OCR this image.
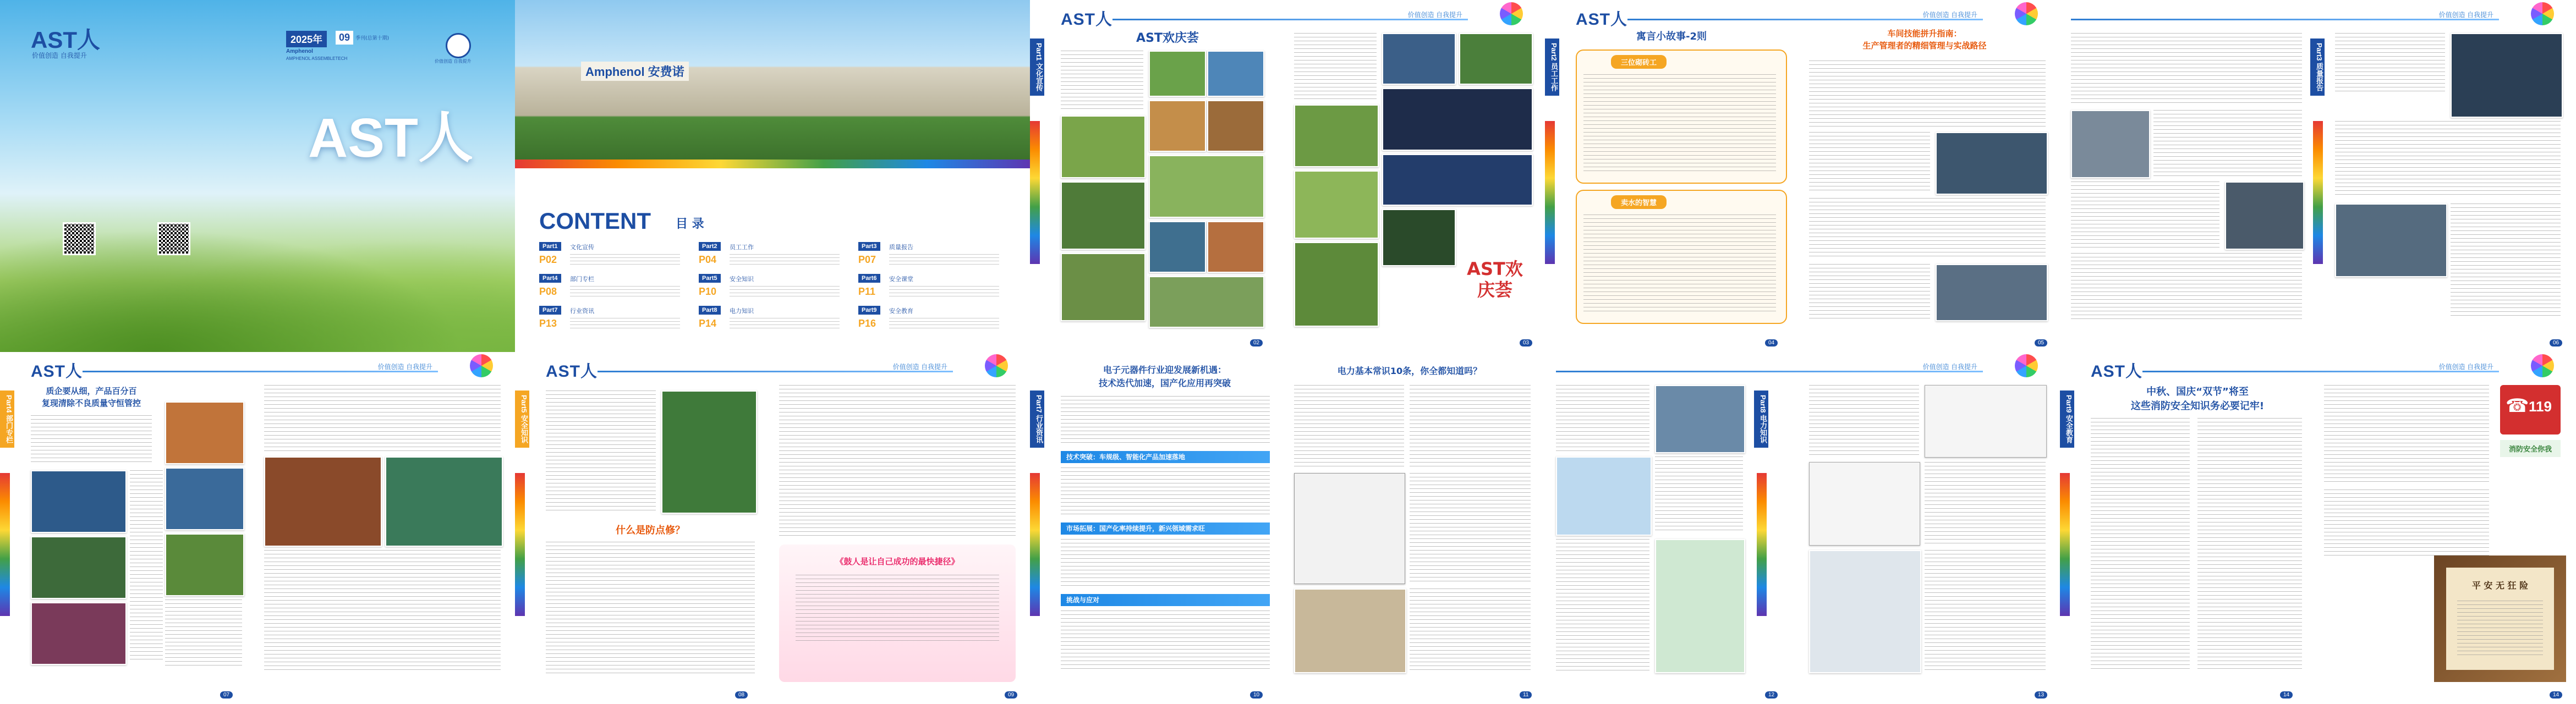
AST人
价值创造 自我提升
2025年	09	季刊(总第十期)
Amphenol
AMPHENOL ASSEMBLETECH
价值创造 自我提升
AST人
Amphenol 安费诺
CONTENT 目 录
Part1	文化宣传
P02
Part2	员工工作
P04
Part3	质量报告
P07
Part4	部门专栏
P08
Part5	安全知识
P10
Part6	安全课堂
P11
Part7	行业资讯
P13
Part8	电力知识
P14
Part9	安全教育
P16
AST人	价值创造 自我提升
Part1 文化宣传
AST欢庆荟
02
AST欢庆荟
03
AST人	价值创造 自我提升
Part2 员工工作
寓言小故事-2则
三位砌砖工
卖水的智慧
04
车间技能拼升指南：
生产管理者的精细管理与实战路径
05
价值创造 自我提升
Part3 质量报告
06
AST人	价值创造 自我提升
Part4 部门专栏
质企要从细，产品百分百
复现清除不良质量守恒管控
07
AST人	价值创造 自我提升
Part5 安全知识
什么是防点修？
08
《鼓人是让自己成功的最快捷径》
09
Part7 行业资讯
电子元器件行业迎发展新机遇：
技术迭代加速，国产化应用再突破
技术突破：车规级、智能化产品加速落地
市场拓展：国产化率持续提升，新兴领域需求旺
挑战与应对
10
电力基本常识10条，你全都知道吗？
11
价值创造 自我提升
Part8 电力知识
12	13
AST人	价值创造 自我提升
Part9 安全教育
中秋、国庆“双节”将至
这些消防安全知识务必要记牢!
14
☎ 119
消防安全你我
平 安 无 狂 险
14
